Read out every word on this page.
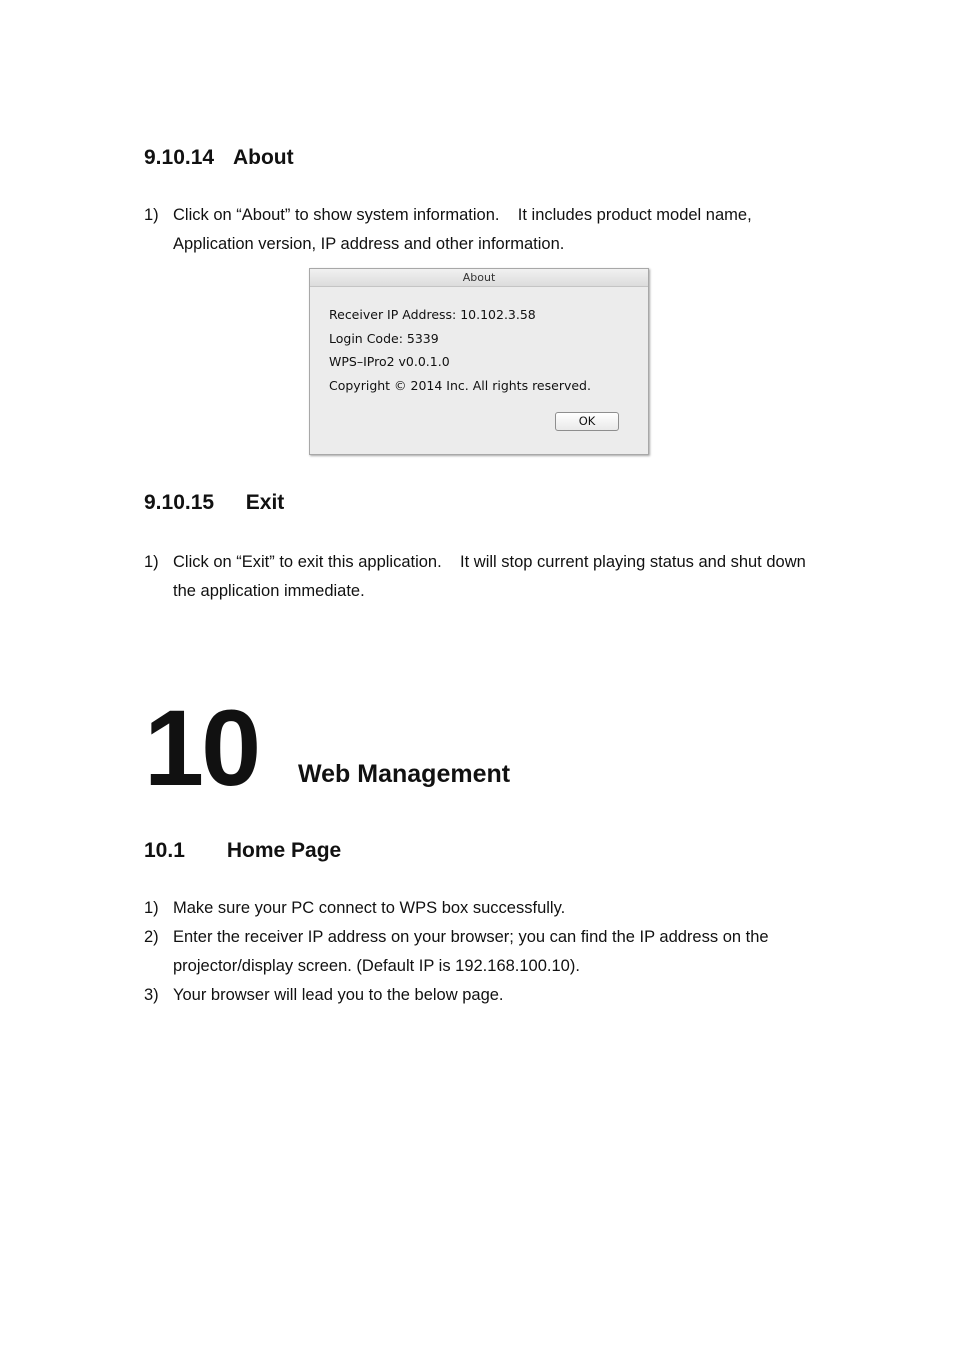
9.10.14 About
1) Click on “About” to show system information.    It includes product model name, Application version, IP address and other information.
About
Receiver IP Address: 10.102.3.58
Login Code: 5339
WPS–IPro2 v0.0.1.0
Copyright © 2014 Inc. All rights reserved.
OK
9.10.15 Exit
1) Click on “Exit” to exit this application.    It will stop current playing status and shut down the application immediate.
10 Web Management
10.1 Home Page
1) Make sure your PC connect to WPS box successfully.
2) Enter the receiver IP address on your browser; you can find the IP address on the projector/display screen. (Default IP is 192.168.100.10).
3) Your browser will lead you to the below page.
